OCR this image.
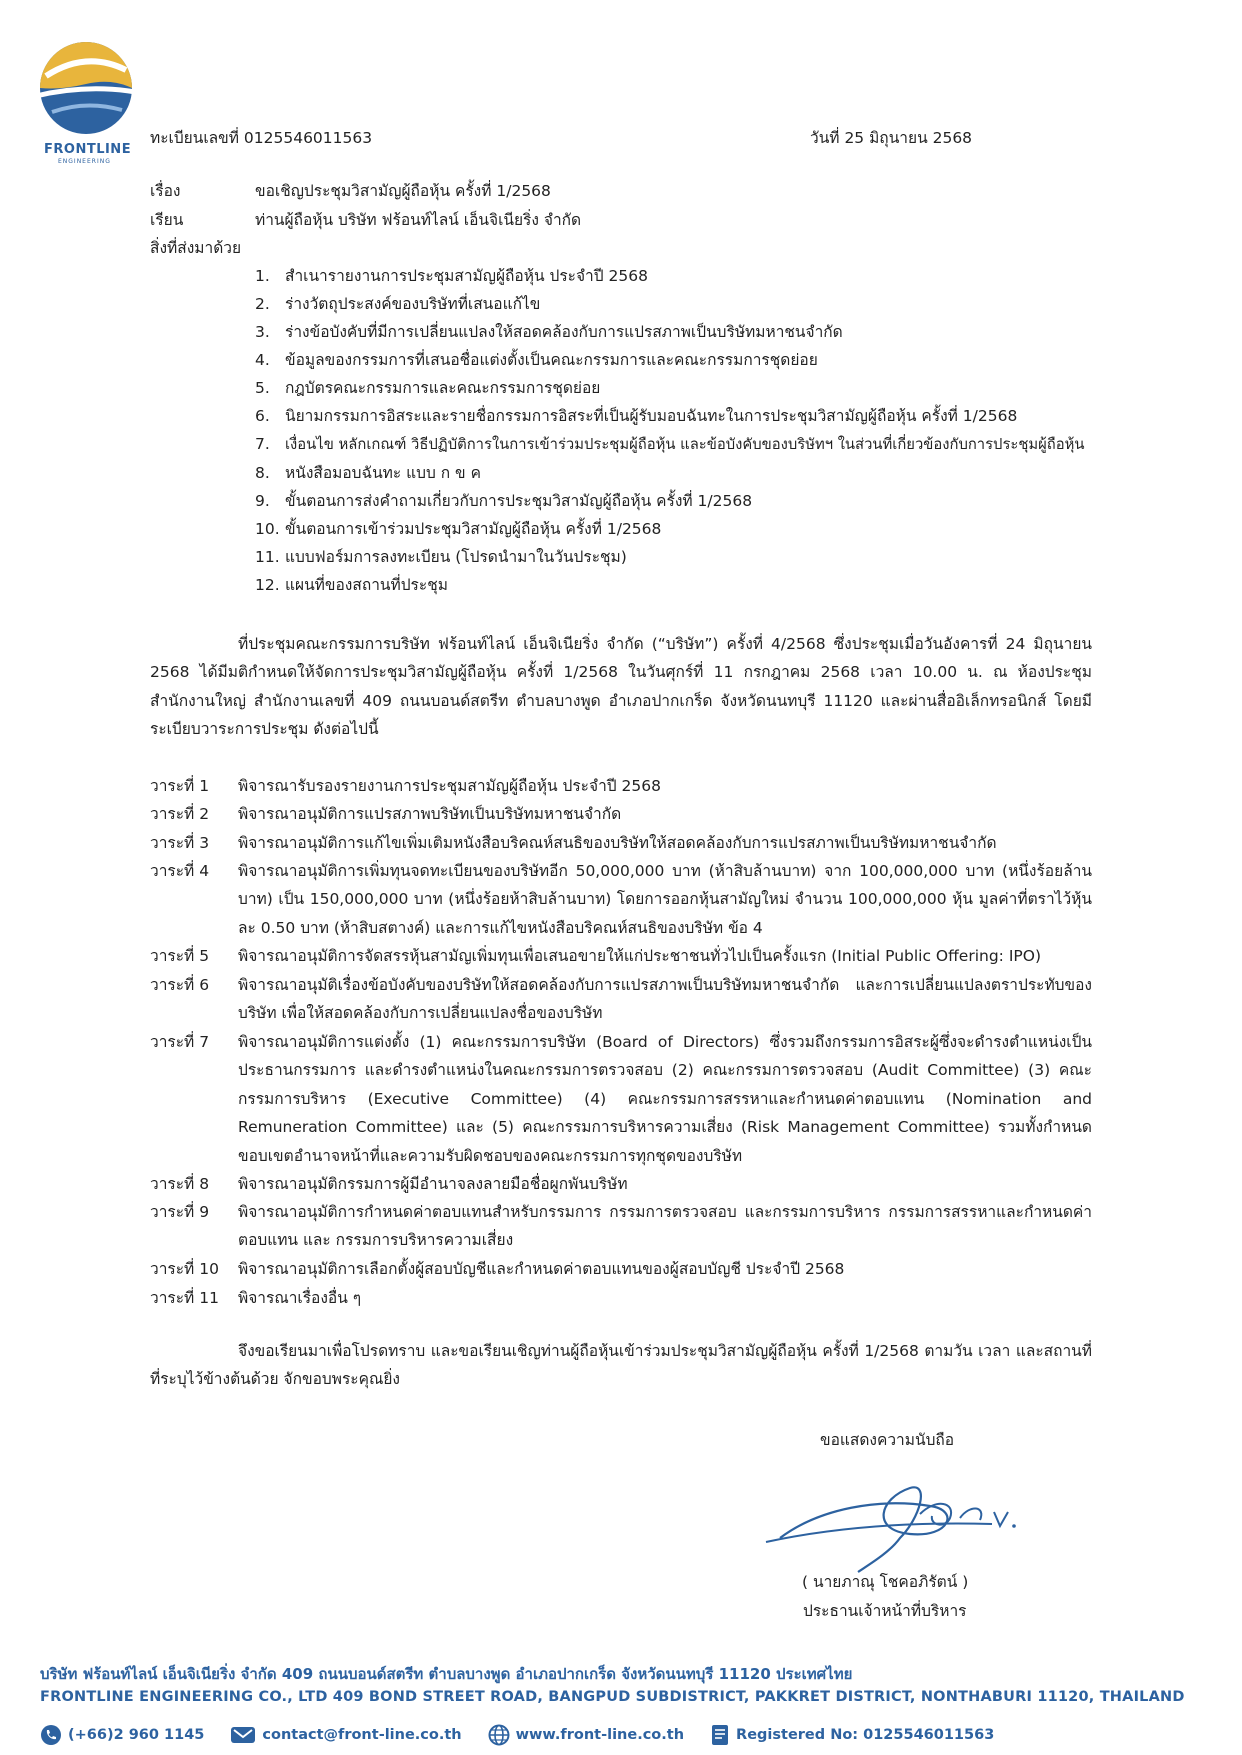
FRONTLINE
ENGINEERING
ทะเบียนเลขที่ 0125546011563	วันที่ 25 มิถุนายน 2568
เรื่อง	ขอเชิญประชุมวิสามัญผู้ถือหุ้น ครั้งที่ 1/2568
เรียน	ท่านผู้ถือหุ้น บริษัท ฟร้อนท์ไลน์ เอ็นจิเนียริ่ง จำกัด
สิ่งที่ส่งมาด้วย
1. สำเนารายงานการประชุมสามัญผู้ถือหุ้น ประจำปี 2568
2. ร่างวัตถุประสงค์ของบริษัทที่เสนอแก้ไข
3. ร่างข้อบังคับที่มีการเปลี่ยนแปลงให้สอดคล้องกับการแปรสภาพเป็นบริษัทมหาชนจำกัด
4. ข้อมูลของกรรมการที่เสนอชื่อแต่งตั้งเป็นคณะกรรมการและคณะกรรมการชุดย่อย
5. กฎบัตรคณะกรรมการและคณะกรรมการชุดย่อย
6. นิยามกรรมการอิสระและรายชื่อกรรมการอิสระที่เป็นผู้รับมอบฉันทะในการประชุมวิสามัญผู้ถือหุ้น ครั้งที่ 1/2568
7. เงื่อนไข หลักเกณฑ์ วิธีปฏิบัติการในการเข้าร่วมประชุมผู้ถือหุ้น และข้อบังคับของบริษัทฯ ในส่วนที่เกี่ยวข้องกับการประชุมผู้ถือหุ้น
8. หนังสือมอบฉันทะ แบบ ก ข ค
9. ขั้นตอนการส่งคำถามเกี่ยวกับการประชุมวิสามัญผู้ถือหุ้น ครั้งที่ 1/2568
10. ขั้นตอนการเข้าร่วมประชุมวิสามัญผู้ถือหุ้น ครั้งที่ 1/2568
11. แบบฟอร์มการลงทะเบียน (โปรดนำมาในวันประชุม)
12. แผนที่ของสถานที่ประชุม
ที่ประชุมคณะกรรมการบริษัท ฟร้อนท์ไลน์ เอ็นจิเนียริ่ง จำกัด (“บริษัท”) ครั้งที่ 4/2568 ซึ่งประชุมเมื่อวันอังคารที่ 24 มิถุนายน 2568 ได้มีมติกำหนดให้จัดการประชุมวิสามัญผู้ถือหุ้น ครั้งที่ 1/2568 ในวันศุกร์ที่ 11 กรกฎาคม 2568 เวลา 10.00 น. ณ ห้องประชุมสำนักงานใหญ่ สำนักงานเลขที่ 409 ถนนบอนด์สตรีท ตำบลบางพูด อำเภอปากเกร็ด จังหวัดนนทบุรี 11120 และผ่านสื่ออิเล็กทรอนิกส์ โดยมีระเบียบวาระการประชุม ดังต่อไปนี้
วาระที่ 1	พิจารณารับรองรายงานการประชุมสามัญผู้ถือหุ้น ประจำปี 2568
วาระที่ 2	พิจารณาอนุมัติการแปรสภาพบริษัทเป็นบริษัทมหาชนจำกัด
วาระที่ 3	พิจารณาอนุมัติการแก้ไขเพิ่มเติมหนังสือบริคณห์สนธิของบริษัทให้สอดคล้องกับการแปรสภาพเป็นบริษัทมหาชนจำกัด
วาระที่ 4	พิจารณาอนุมัติการเพิ่มทุนจดทะเบียนของบริษัทอีก 50,000,000 บาท (ห้าสิบล้านบาท) จาก 100,000,000 บาท (หนึ่งร้อยล้านบาท) เป็น 150,000,000 บาท (หนึ่งร้อยห้าสิบล้านบาท) โดยการออกหุ้นสามัญใหม่ จำนวน 100,000,000 หุ้น มูลค่าที่ตราไว้หุ้นละ 0.50 บาท (ห้าสิบสตางค์) และการแก้ไขหนังสือบริคณห์สนธิของบริษัท ข้อ 4
วาระที่ 5	พิจารณาอนุมัติการจัดสรรหุ้นสามัญเพิ่มทุนเพื่อเสนอขายให้แก่ประชาชนทั่วไปเป็นครั้งแรก (Initial Public Offering: IPO)
วาระที่ 6	พิจารณาอนุมัติเรื่องข้อบังคับของบริษัทให้สอดคล้องกับการแปรสภาพเป็นบริษัทมหาชนจำกัด และการเปลี่ยนแปลงตราประทับของบริษัท เพื่อให้สอดคล้องกับการเปลี่ยนแปลงชื่อของบริษัท
วาระที่ 7	พิจารณาอนุมัติการแต่งตั้ง (1) คณะกรรมการบริษัท (Board of Directors) ซึ่งรวมถึงกรรมการอิสระผู้ซึ่งจะดำรงตำแหน่งเป็นประธานกรรมการ และดำรงตำแหน่งในคณะกรรมการตรวจสอบ (2) คณะกรรมการตรวจสอบ (Audit Committee) (3) คณะกรรมการบริหาร (Executive Committee) (4) คณะกรรมการสรรหาและกำหนดค่าตอบแทน (Nomination and Remuneration Committee) และ (5) คณะกรรมการบริหารความเสี่ยง (Risk Management Committee) รวมทั้งกำหนดขอบเขตอำนาจหน้าที่และความรับผิดชอบของคณะกรรมการทุกชุดของบริษัท
วาระที่ 8	พิจารณาอนุมัติกรรมการผู้มีอำนาจลงลายมือชื่อผูกพันบริษัท
วาระที่ 9	พิจารณาอนุมัติการกำหนดค่าตอบแทนสำหรับกรรมการ กรรมการตรวจสอบ และกรรมการบริหาร กรรมการสรรหาและกำหนดค่าตอบแทน และ กรรมการบริหารความเสี่ยง
วาระที่ 10	พิจารณาอนุมัติการเลือกตั้งผู้สอบบัญชีและกำหนดค่าตอบแทนของผู้สอบบัญชี ประจำปี 2568
วาระที่ 11	พิจารณาเรื่องอื่น ๆ
จึงขอเรียนมาเพื่อโปรดทราบ และขอเรียนเชิญท่านผู้ถือหุ้นเข้าร่วมประชุมวิสามัญผู้ถือหุ้น ครั้งที่ 1/2568 ตามวัน เวลา และสถานที่ที่ระบุไว้ข้างต้นด้วย จักขอบพระคุณยิ่ง
ขอแสดงความนับถือ
( นายภาณุ โชคอภิรัตน์ )
ประธานเจ้าหน้าที่บริหาร
บริษัท ฟร้อนท์ไลน์ เอ็นจิเนียริ่ง จำกัด 409 ถนนบอนด์สตรีท ตำบลบางพูด อำเภอปากเกร็ด จังหวัดนนทบุรี 11120 ประเทศไทย
FRONTLINE ENGINEERING CO., LTD 409 BOND STREET ROAD, BANGPUD SUBDISTRICT, PAKKRET DISTRICT, NONTHABURI 11120, THAILAND
(+66)2 960 1145	contact@front-line.co.th	www.front-line.co.th	Registered No: 0125546011563
